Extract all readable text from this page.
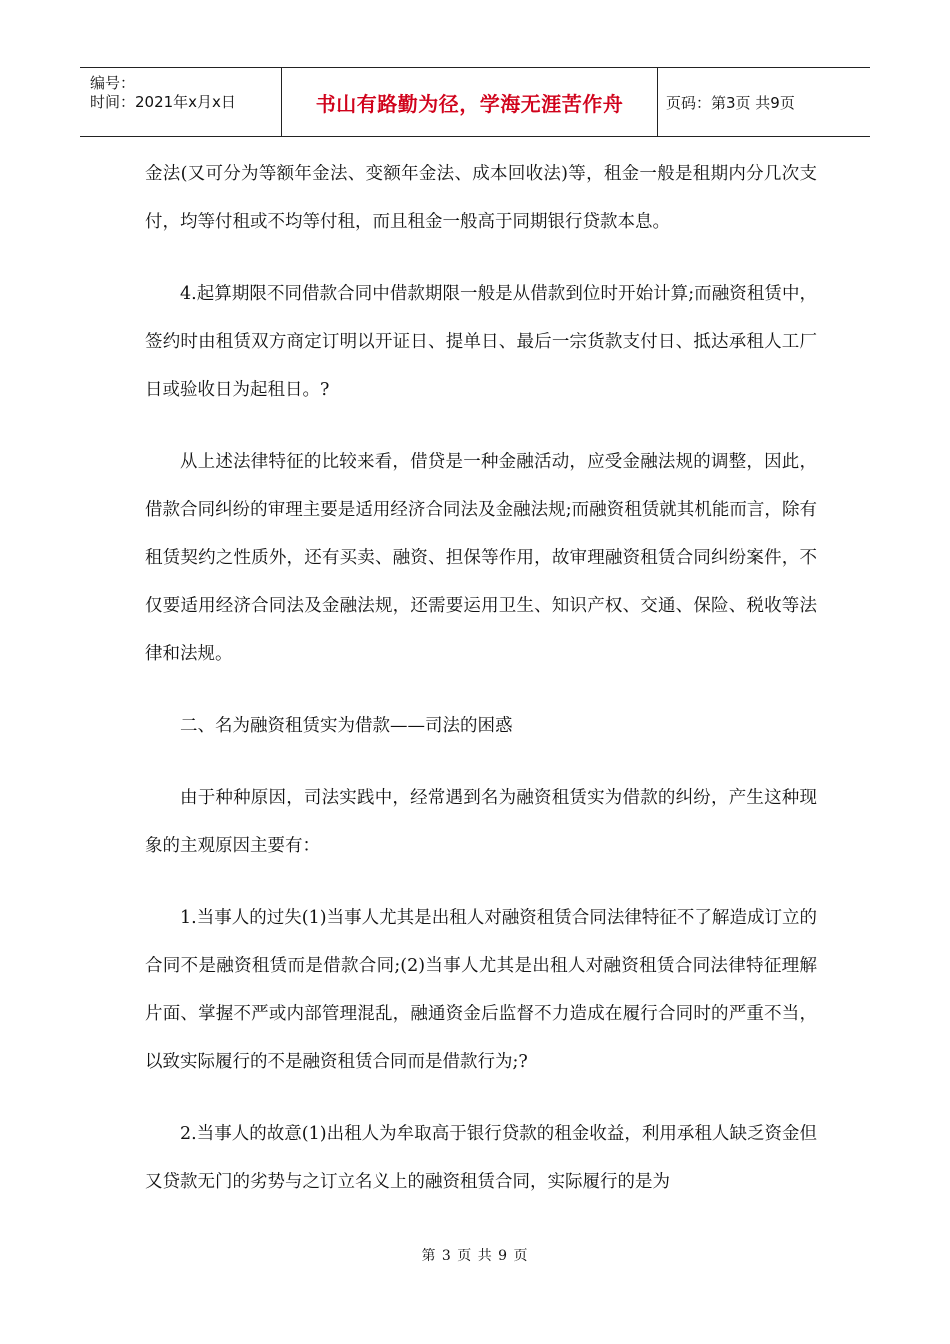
编号：
时间：2021年x月x日	书山有路勤为径，学海无涯苦作舟	页码：第3页 共9页

金法(又可分为等额年金法、变额年金法、成本回收法)等，租金一般是租期内分几次支付，均等付租或不均等付租，而且租金一般高于同期银行贷款本息。

4.起算期限不同借款合同中借款期限一般是从借款到位时开始计算;而融资租赁中，签约时由租赁双方商定订明以开证日、提单日、最后一宗货款支付日、抵达承租人工厂日或验收日为起租日。?

从上述法律特征的比较来看，借贷是一种金融活动，应受金融法规的调整，因此，借款合同纠纷的审理主要是适用经济合同法及金融法规;而融资租赁就其机能而言，除有租赁契约之性质外，还有买卖、融资、担保等作用，故审理融资租赁合同纠纷案件，不仅要适用经济合同法及金融法规，还需要运用卫生、知识产权、交通、保险、税收等法律和法规。

二、名为融资租赁实为借款——司法的困惑

由于种种原因，司法实践中，经常遇到名为融资租赁实为借款的纠纷，产生这种现象的主观原因主要有：

1.当事人的过失(1)当事人尤其是出租人对融资租赁合同法律特征不了解造成订立的合同不是融资租赁而是借款合同;(2)当事人尤其是出租人对融资租赁合同法律特征理解片面、掌握不严或内部管理混乱，融通资金后监督不力造成在履行合同时的严重不当，以致实际履行的不是融资租赁合同而是借款行为;?

2.当事人的故意(1)出租人为牟取高于银行贷款的租金收益，利用承租人缺乏资金但又贷款无门的劣势与之订立名义上的融资租赁合同，实际履行的是为

第 3 页 共 9 页
